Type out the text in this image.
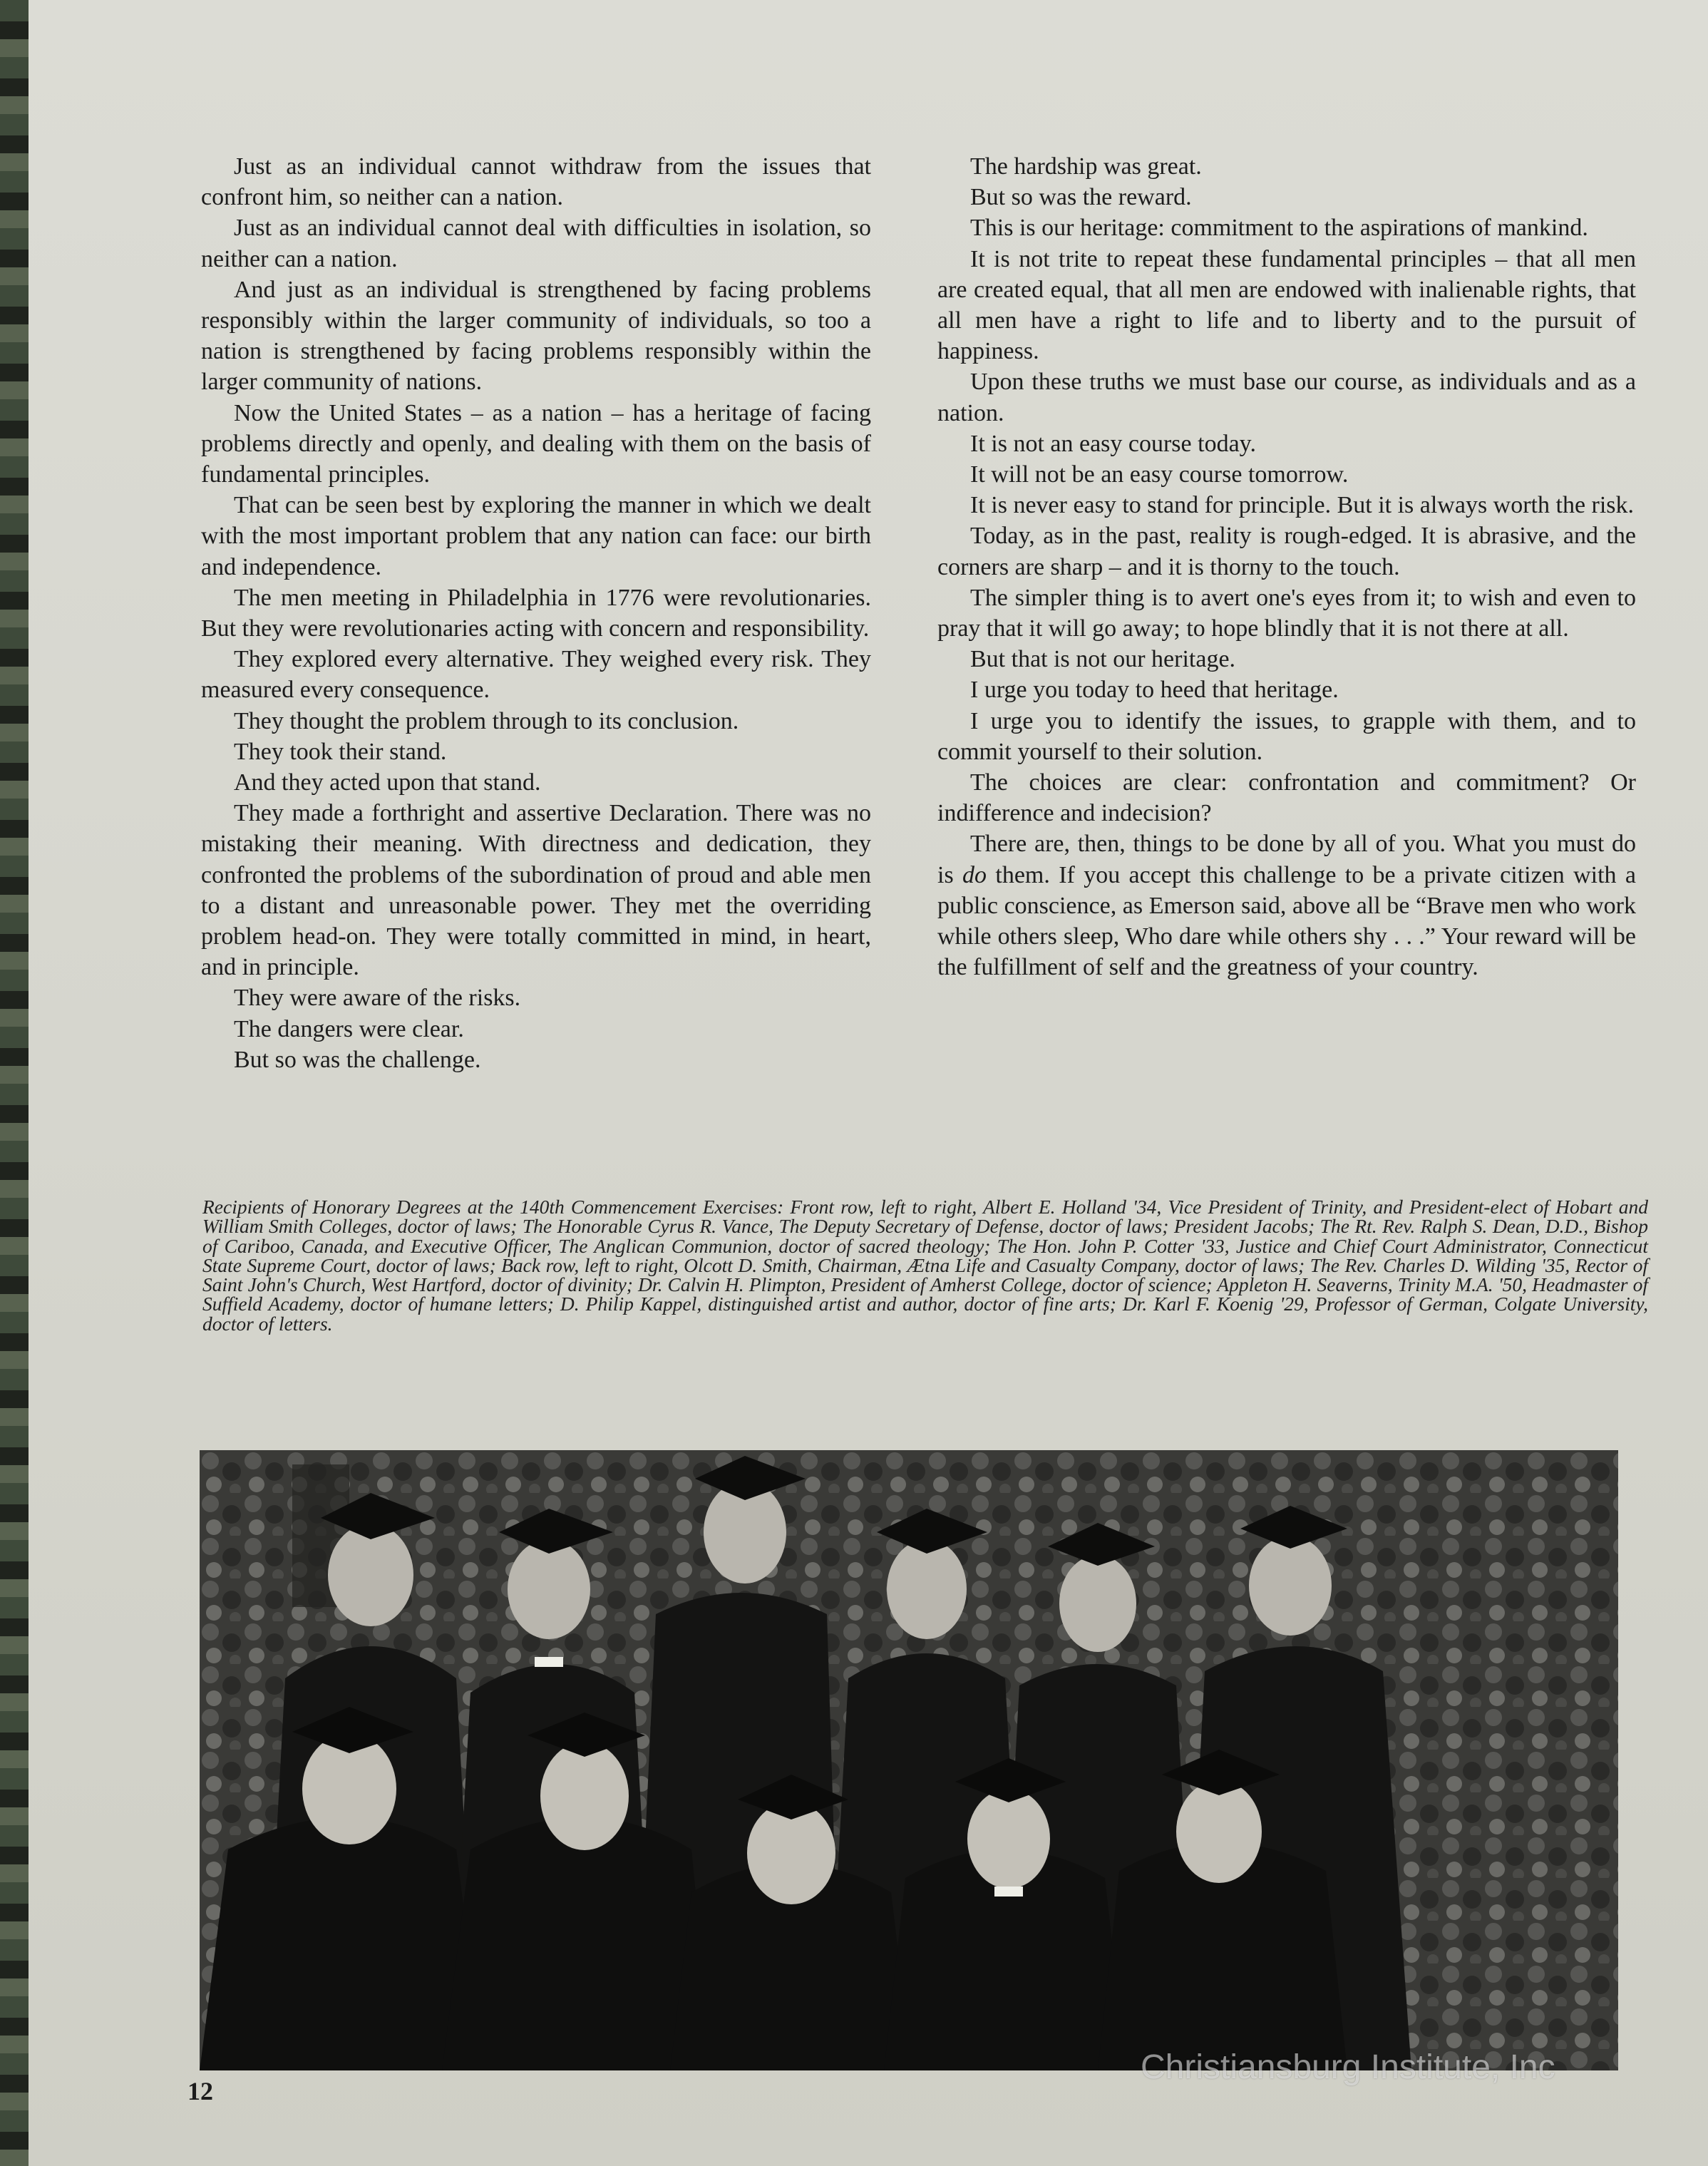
Just as an individual cannot withdraw from the issues that confront him, so neither can a nation.

Just as an individual cannot deal with difficulties in isolation, so neither can a nation.

And just as an individual is strengthened by facing problems responsibly within the larger community of individuals, so too a nation is strengthened by facing problems responsibly within the larger community of nations.

Now the United States – as a nation – has a heritage of facing problems directly and openly, and dealing with them on the basis of fundamental principles.

That can be seen best by exploring the manner in which we dealt with the most important problem that any nation can face: our birth and independence.

The men meeting in Philadelphia in 1776 were revolutionaries. But they were revolutionaries acting with concern and responsibility.

They explored every alternative. They weighed every risk. They measured every consequence.

They thought the problem through to its conclusion.

They took their stand.

And they acted upon that stand.

They made a forthright and assertive Declaration. There was no mistaking their meaning. With directness and dedication, they confronted the problems of the subordination of proud and able men to a distant and unreasonable power. They met the overriding problem head-on. They were totally committed in mind, in heart, and in principle.

They were aware of the risks.

The dangers were clear.

But so was the challenge.

The hardship was great.

But so was the reward.

This is our heritage: commitment to the aspirations of mankind.

It is not trite to repeat these fundamental principles – that all men are created equal, that all men are endowed with inalienable rights, that all men have a right to life and to liberty and to the pursuit of happiness.

Upon these truths we must base our course, as individuals and as a nation.

It is not an easy course today.

It will not be an easy course tomorrow.

It is never easy to stand for principle. But it is always worth the risk.

Today, as in the past, reality is rough-edged. It is abrasive, and the corners are sharp – and it is thorny to the touch.

The simpler thing is to avert one's eyes from it; to wish and even to pray that it will go away; to hope blindly that it is not there at all.

But that is not our heritage.

I urge you today to heed that heritage.

I urge you to identify the issues, to grapple with them, and to commit yourself to their solution.

The choices are clear: confrontation and commitment? Or indifference and indecision?

There are, then, things to be done by all of you. What you must do is do them. If you accept this challenge to be a private citizen with a public conscience, as Emerson said, above all be “Brave men who work while others sleep, Who dare while others shy . . .” Your reward will be the fulfillment of self and the greatness of your country.

Recipients of Honorary Degrees at the 140th Commencement Exercises: Front row, left to right, Albert E. Holland '34, Vice President of Trinity, and President-elect of Hobart and William Smith Colleges, doctor of laws; The Honorable Cyrus R. Vance, The Deputy Secretary of Defense, doctor of laws; President Jacobs; The Rt. Rev. Ralph S. Dean, D.D., Bishop of Cariboo, Canada, and Executive Officer, The Anglican Communion, doctor of sacred theology; The Hon. John P. Cotter '33, Justice and Chief Court Administrator, Connecticut State Supreme Court, doctor of laws; Back row, left to right, Olcott D. Smith, Chairman, Ætna Life and Casualty Company, doctor of laws; The Rev. Charles D. Wilding '35, Rector of Saint John's Church, West Hartford, doctor of divinity; Dr. Calvin H. Plimpton, President of Amherst College, doctor of science; Appleton H. Seaverns, Trinity M.A. '50, Headmaster of Suffield Academy, doctor of humane letters; D. Philip Kappel, distinguished artist and author, doctor of fine arts; Dr. Karl F. Koenig '29, Professor of German, Colgate University, doctor of letters.
12
Christiansburg Institute, Inc
